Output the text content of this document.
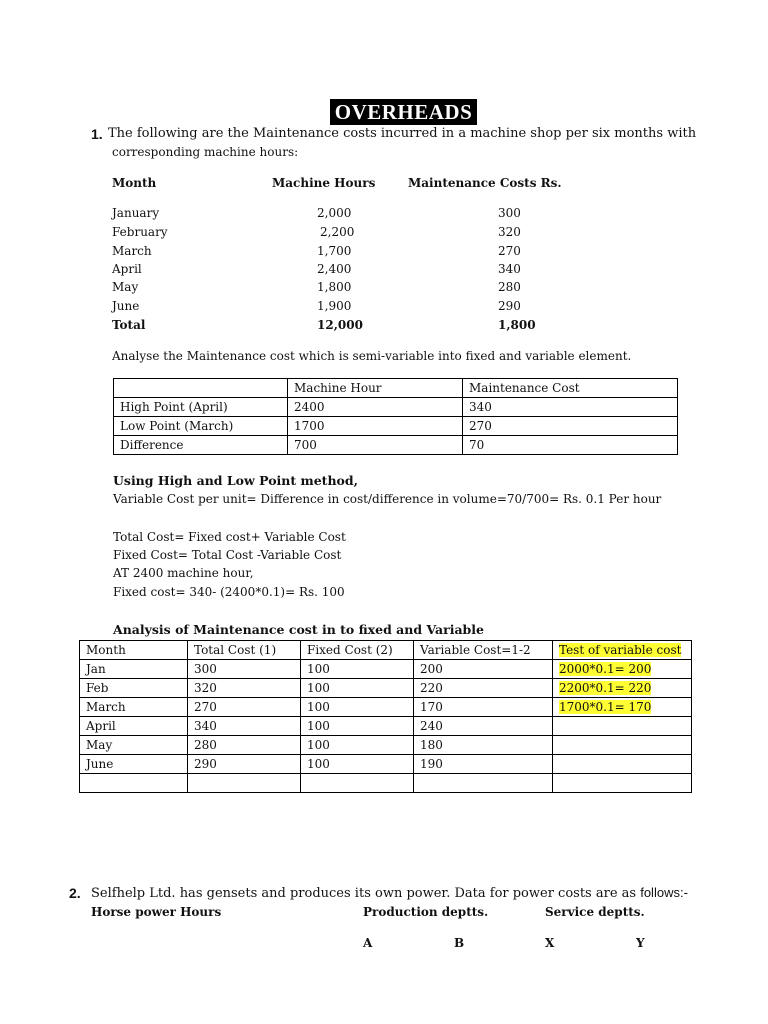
OVERHEADS
1. The following are the Maintenance costs incurred in a machine shop per six months with
corresponding machine hours:
Month	Machine Hours	Maintenance Costs Rs.
January	2,000	300
February	2,200	320
March	1,700	270
April	2,400	340
May	1,800	280
June	1,900	290
Total	12,000	1,800
Analyse the Maintenance cost which is semi-variable into fixed and variable element.
	Machine Hour	Maintenance Cost
High Point (April)	2400	340
Low Point (March)	1700	270
Difference	700	70
Using High and Low Point method,
Variable Cost per unit= Difference in cost/difference in volume=70/700= Rs. 0.1 Per hour
Total Cost= Fixed cost+ Variable Cost
Fixed Cost= Total Cost -Variable Cost
AT 2400 machine hour,
Fixed cost= 340- (2400*0.1)= Rs. 100
Analysis of Maintenance cost in to fixed and Variable
Month	Total Cost (1)	Fixed Cost (2)	Variable Cost=1-2	Test of variable cost
Jan	300	100	200	2000*0.1= 200
Feb	320	100	220	2200*0.1= 220
March	270	100	170	1700*0.1= 170
April	340	100	240	
May	280	100	180	
June	290	100	190	

2. Selfhelp Ltd. has gensets and produces its own power. Data for power costs are as follows:-
Horse power Hours	Production deptts.	Service deptts.
A	B	X	Y
